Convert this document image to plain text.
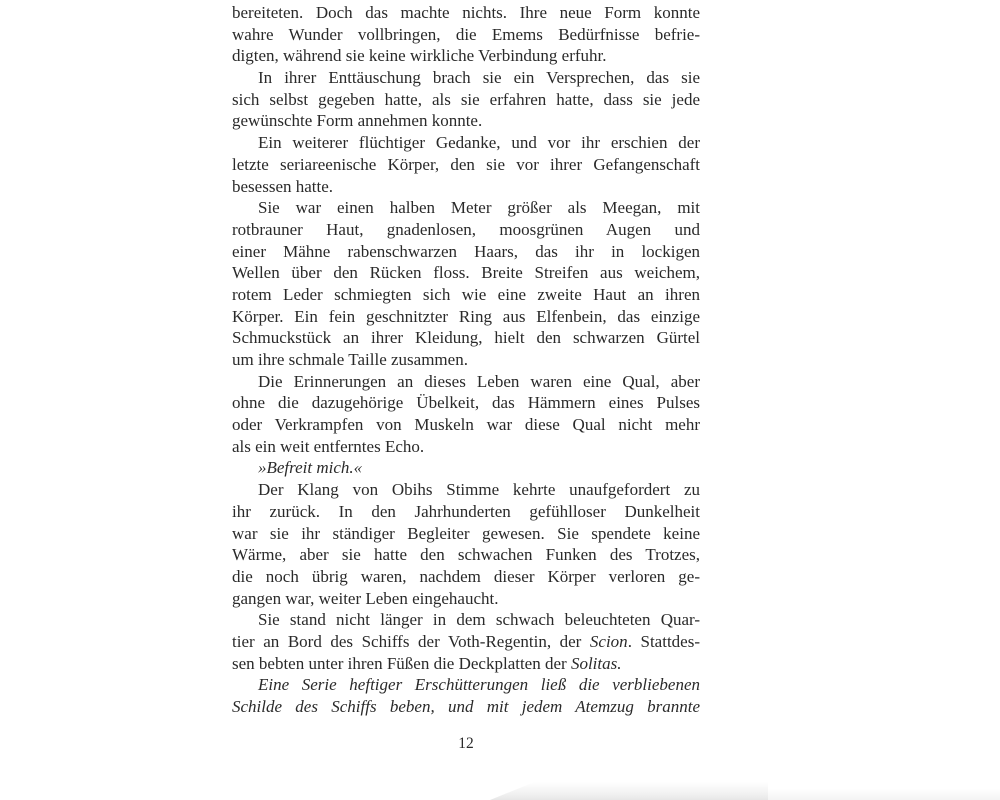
bereiteten. Doch das machte nichts. Ihre neue Form konnte
wahre Wunder vollbringen, die Emems Bedürfnisse befrie-
digten, während sie keine wirkliche Verbindung erfuhr.
In ihrer Enttäuschung brach sie ein Versprechen, das sie
sich selbst gegeben hatte, als sie erfahren hatte, dass sie jede
gewünschte Form annehmen konnte.
Ein weiterer flüchtiger Gedanke, und vor ihr erschien der
letzte seriareenische Körper, den sie vor ihrer Gefangenschaft
besessen hatte.
Sie war einen halben Meter größer als Meegan, mit
rotbrauner Haut, gnadenlosen, moosgrünen Augen und
einer Mähne rabenschwarzen Haars, das ihr in lockigen
Wellen über den Rücken floss. Breite Streifen aus weichem,
rotem Leder schmiegten sich wie eine zweite Haut an ihren
Körper. Ein fein geschnitzter Ring aus Elfenbein, das einzige
Schmuckstück an ihrer Kleidung, hielt den schwarzen Gürtel
um ihre schmale Taille zusammen.
Die Erinnerungen an dieses Leben waren eine Qual, aber
ohne die dazugehörige Übelkeit, das Hämmern eines Pulses
oder Verkrampfen von Muskeln war diese Qual nicht mehr
als ein weit entferntes Echo.
»Befreit mich.«
Der Klang von Obihs Stimme kehrte unaufgefordert zu
ihr zurück. In den Jahrhunderten gefühlloser Dunkelheit
war sie ihr ständiger Begleiter gewesen. Sie spendete keine
Wärme, aber sie hatte den schwachen Funken des Trotzes,
die noch übrig waren, nachdem dieser Körper verloren ge-
gangen war, weiter Leben eingehaucht.
Sie stand nicht länger in dem schwach beleuchteten Quar-
tier an Bord des Schiffs der Voth-Regentin, der Scion. Stattdes-
sen bebten unter ihren Füßen die Deckplatten der Solitas.
Eine Serie heftiger Erschütterungen ließ die verbliebenen
Schilde des Schiffs beben, und mit jedem Atemzug brannte
12
